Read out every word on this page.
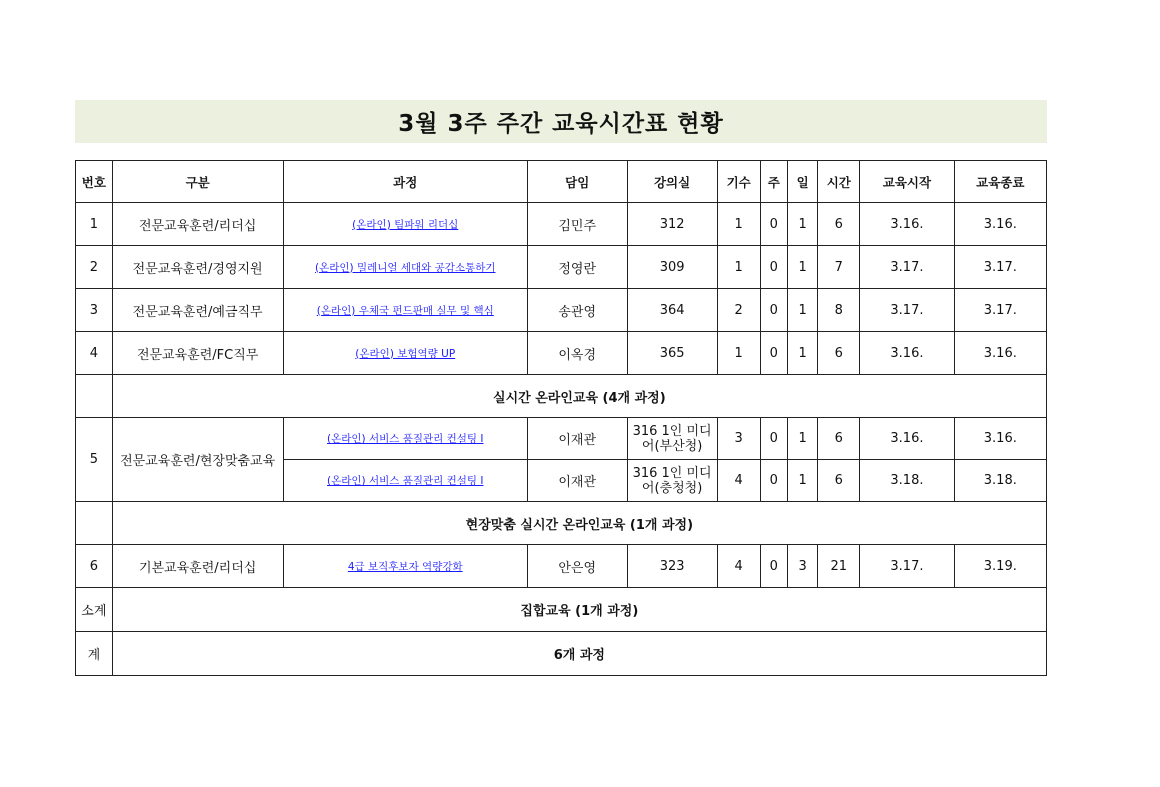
3월 3주 주간 교육시간표 현황
번호	구분	과정	담임	강의실	기수	주	일	시간	교육시작	교육종료
1	전문교육훈련/리더십	(온라인) 팀파워 리더십	김민주	312	1	0	1	6	3.16.	3.16.
2	전문교육훈련/경영지원	(온라인) 밀레니얼 세대와 공감소통하기	정영란	309	1	0	1	7	3.17.	3.17.
3	전문교육훈련/예금직무	(온라인) 우체국 펀드판매 실무 및 핵심	송관영	364	2	0	1	8	3.17.	3.17.
4	전문교육훈련/FC직무	(온라인) 보험역량 UP	이옥경	365	1	0	1	6	3.16.	3.16.
	실시간 온라인교육 (4개 과정)									
5	전문교육훈련/현장맞춤교육	(온라인) 서비스 품질관리 컨설팅 Ⅰ	이재관	316 1인 미디어(부산청)	3	0	1	6	3.16.	3.16.
		(온라인) 서비스 품질관리 컨설팅 Ⅰ	이재관	316 1인 미디어(충청청)	4	0	1	6	3.18.	3.18.
	현장맞춤 실시간 온라인교육 (1개 과정)									
6	기본교육훈련/리더십	4급 보직후보자 역량강화	안은영	323	4	0	3	21	3.17.	3.19.
소계	집합교육 (1개 과정)									
계	6개 과정									
